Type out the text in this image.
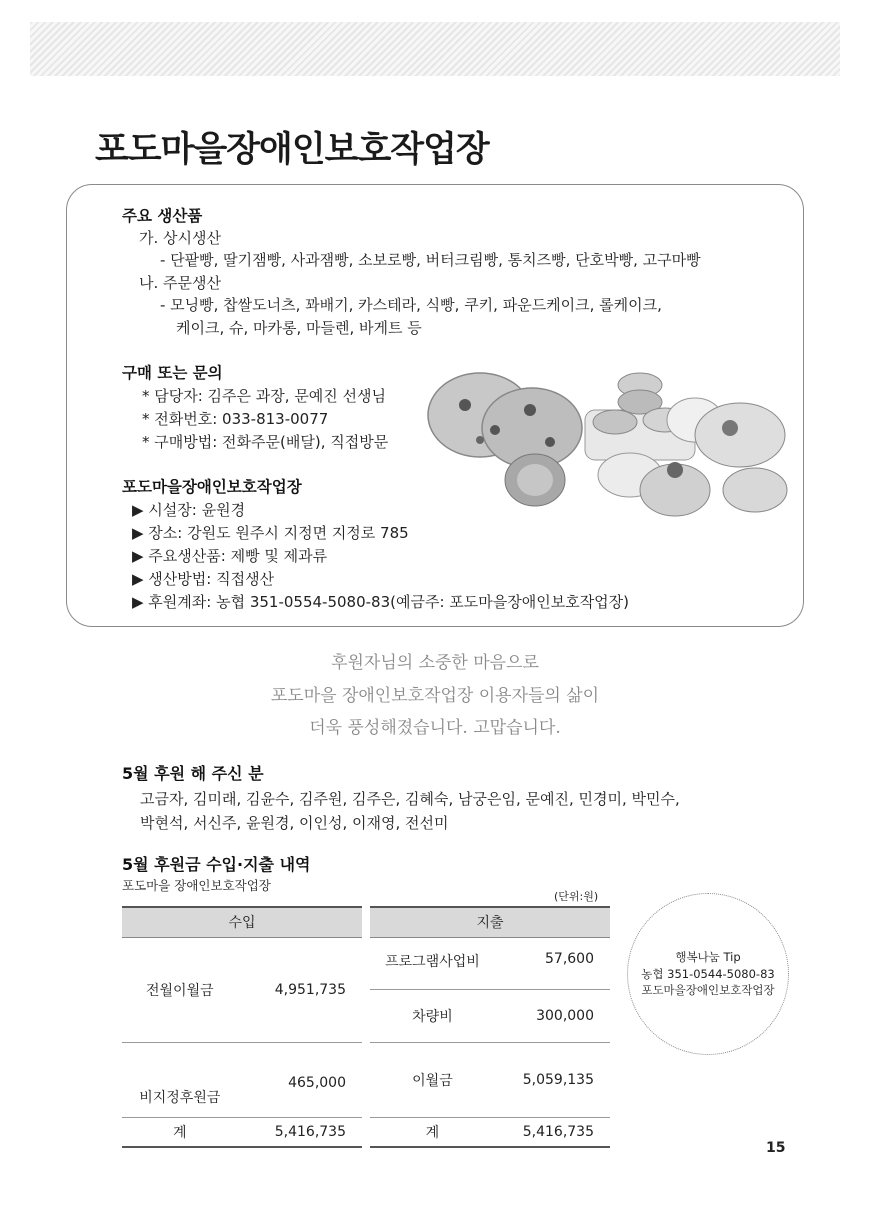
포도마을장애인보호작업장
주요 생산품
가. 상시생산
- 단팥빵, 딸기잼빵, 사과잼빵, 소보로빵, 버터크림빵, 통치즈빵, 단호박빵, 고구마빵
나. 주문생산
- 모닝빵, 찹쌀도너츠, 꽈배기, 카스테라, 식빵, 쿠키, 파운드케이크, 롤케이크,
케이크, 슈, 마카롱, 마들렌, 바게트 등
구매 또는 문의
* 담당자: 김주은 과장, 문예진 선생님
* 전화번호: 033-813-0077
* 구매방법: 전화주문(배달), 직접방문
포도마을장애인보호작업장
▶ 시설장: 윤원경
▶ 장소: 강원도 원주시 지정면 지정로 785
▶ 주요생산품: 제빵 및 제과류
▶ 생산방법: 직접생산
▶ 후원계좌: 농협 351-0554-5080-83(예금주: 포도마을장애인보호작업장)
후원자님의 소중한 마음으로
포도마을 장애인보호작업장 이용자들의 삶이
더욱 풍성해졌습니다. 고맙습니다.
5월 후원 해 주신 분
고금자, 김미래, 김윤수, 김주원, 김주은, 김혜숙, 남궁은임, 문예진, 민경미, 박민수,
박현석, 서신주, 윤원경, 이인성, 이재영, 전선미
5월 후원금 수입·지출 내역
포도마을 장애인보호작업장
(단위:원)
수입	
전월이월금	4,951,735
비지정후원금	465,000
계	5,416,735
지출	
프로그램사업비	57,600
차량비	300,000
이월금	5,059,135
계	5,416,735
행복나눔 Tip
농협 351-0544-5080-83
포도마을장애인보호작업장
15
